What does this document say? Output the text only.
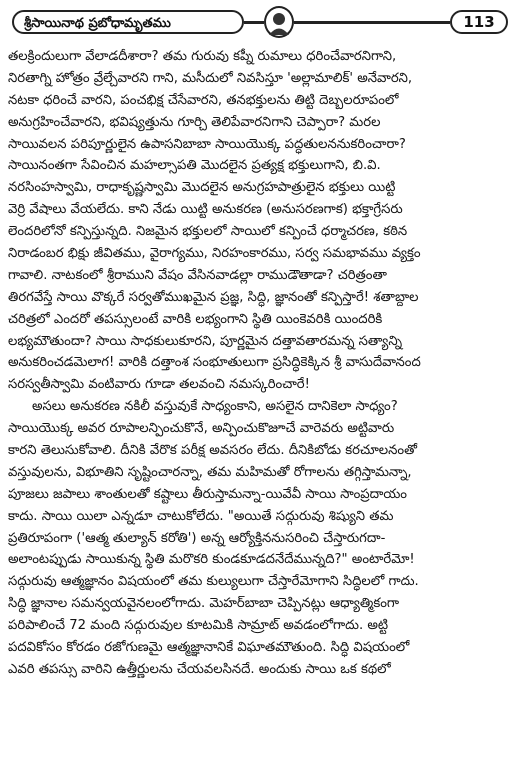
శ్రీసాయినాథ ప్రబోధామృతము	113
తలక్రిందులుగా వేలాడదీశారా? తమ గురువు కప్నీ రుమాలు ధరించేవారనిగాని,
నిరతాగ్ని హోత్రం వ్రేల్చేవారని గాని, మసీదులో నివసిస్తూ 'అల్లామాలిక్' అనేవారని,
నటకా ధరించే వారని, పంచభిక్ష చేసేవారని, తనభక్తులను తిట్టి దెబ్బలరూపంలో
అనుగ్రహించేవారని, భవిష్యత్తును గూర్చి తెలిపేవారనిగాని చెప్పారా? మరల
సాయివలన పరిపూర్ణులైన ఉపాసనిబాబా సాయియొక్క పద్ధతులననుకరించారా?
సాయినంతగా సేవించిన మహల్సాపతి మొదలైన ప్రత్యక్ష భక్తులుగాని, బి.వి.
నరసింహస్వామి, రాధాకృష్ణస్వామి మొదలైన అనుగ్రహపాత్రులైన భక్తులు యిట్టి
వెర్రి వేషాలు వేయలేదు. కాని నేడు యిట్టి అనుకరణ (అనుసరణగాక) భక్తాగ్రేసరు
లెందరిలోనో కన్పిస్తున్నది. నిజమైన భక్తులలో సాయిలో కన్పించే ధర్మాచరణ, కఠిన
నిరాడంబర భిక్షు జీవితము, వైరాగ్యము, నిరహంకారము, సర్వ సమభావము వ్యక్తం
గావాలి. నాటకంలో శ్రీరాముని వేషం వేసినవాడల్లా రాముడౌతాడా? చరిత్రంతా
తిరగవేస్తే సాయి వొక్కరే సర్వతోముఖమైన ప్రజ్ఞ, సిద్ధి, జ్ఞానంతో కన్పిస్తారే! శతాబ్దాల
చరిత్రలో ఎందరో తపస్సులంటే వారికి లభ్యంగాని స్థితి యింకెవరికి యిందరికి
లభ్యమౌతుందా? సాయి సాధకులుకూరని, పూర్ణమైన దత్తావతారమన్న సత్యాన్ని
అనుకరించడమెలాగ! వారికి దత్తాంశ సంభూతులుగా ప్రసిద్ధికెక్కిన శ్రీ వాసుదేవానంద
సరస్వతీస్వామి వంటివారు గూడా తలవంచి నమస్కరించారే!
అసలు అనుకరణ నకిలీ వస్తువుకే సాధ్యంకాని, అసలైన దానికెలా సాధ్యం?
సాయియొక్క అవర రూపాలన్పించుకొనే, అన్పించుకొజూచే వారెవరు అట్టివారు
కారని తెలుసుకోవాలి. దీనికి వేరొక పరీక్ష అవసరం లేదు. దీనికిబోడు కరచూలనంతో
వస్తువులను, విభూతిని సృష్టించారన్నా, తమ మహిమతో రోగాలను తగ్గిస్తామన్నా,
పూజలు జపాలు శాంతులతో కష్టాలు తీరుస్తామన్నా-యివేవీ సాయి సాంప్రదాయం
కాదు. సాయి యిలా ఎన్నడూ చాటుకోలేదు. "అయితే సద్గురువు శిష్యుని తమ
ప్రతిరూపంగా ('ఆత్మ తుల్యాన్ కరోతి') అన్న ఆర్యోక్తిననుసరించి చేస్తారుగదా-
అలాంటప్పుడు సాయికున్న స్థితి మరొకరి కుండకూడదనేదేమున్నది?" అంటారేమో!
సద్గురువు ఆత్మజ్ఞానం విషయంలో తమ కుల్యులుగా చేస్తారేమోగాని సిద్ధిలలో గాదు.
సిద్ధి జ్ఞానాల సమన్వయవైనలంలోగాదు. మెహర్‌బాబా చెప్పినట్లు ఆధ్యాత్మికంగా
పరిపాలించే 72 మంది సద్గురువుల కూటమికి సామ్రాట్ అవడంలోగాదు. అట్టి
పదవికోసం కోరడం రజోగుణమై ఆత్మజ్ఞానానికే విఘాతమౌతుంది. సిద్ధి విషయంలో
ఎవరి తపస్సు వారిని ఉత్తీర్ణులను చేయవలసినదే. అందుకు సాయి ఒక కథలో
